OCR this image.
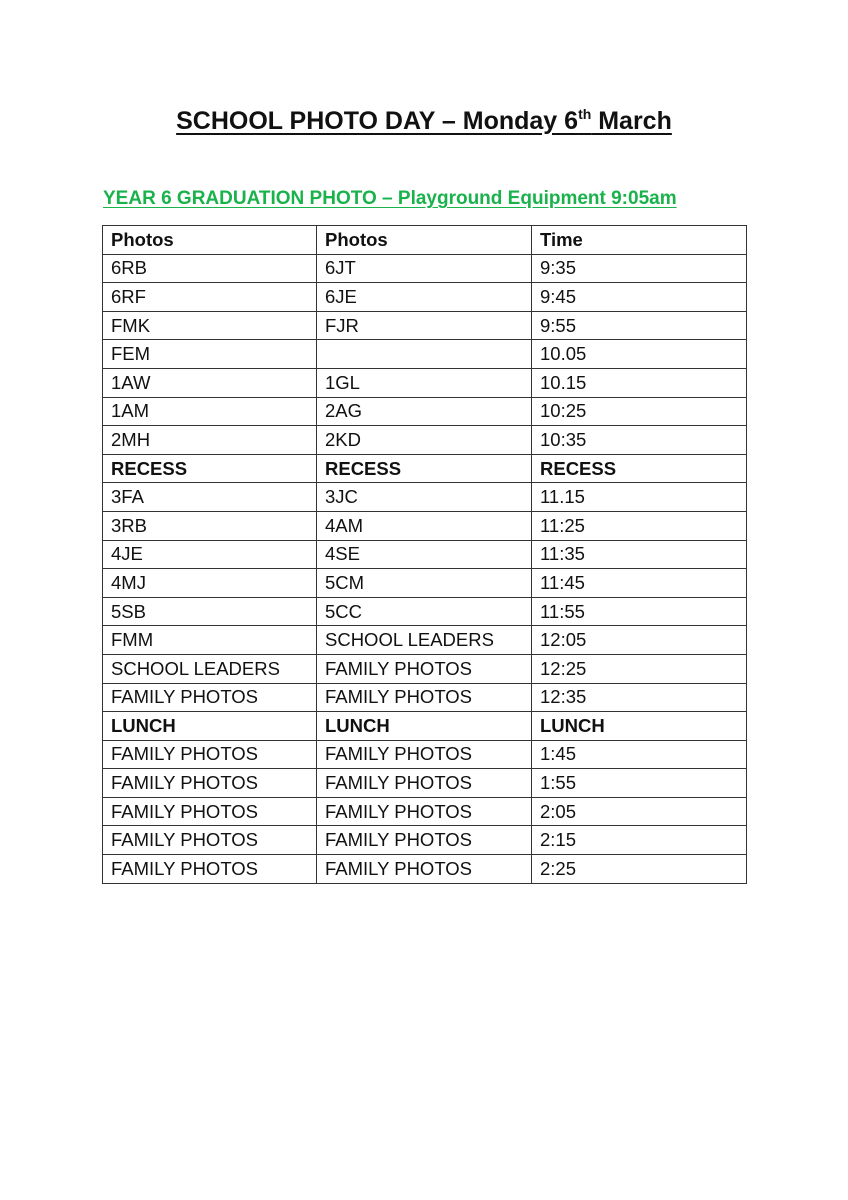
SCHOOL PHOTO DAY – Monday 6th March
YEAR 6 GRADUATION PHOTO – Playground Equipment 9:05am
Photos	Photos	Time
6RB	6JT	9:35
6RF	6JE	9:45
FMK	FJR	9:55
FEM		10.05
1AW	1GL	10.15
1AM	2AG	10:25
2MH	2KD	10:35
RECESS	RECESS	RECESS
3FA	3JC	11.15
3RB	4AM	11:25
4JE	4SE	11:35
4MJ	5CM	11:45
5SB	5CC	11:55
FMM	SCHOOL LEADERS	12:05
SCHOOL LEADERS	FAMILY PHOTOS	12:25
FAMILY PHOTOS	FAMILY PHOTOS	12:35
LUNCH	LUNCH	LUNCH
FAMILY PHOTOS	FAMILY PHOTOS	1:45
FAMILY PHOTOS	FAMILY PHOTOS	1:55
FAMILY PHOTOS	FAMILY PHOTOS	2:05
FAMILY PHOTOS	FAMILY PHOTOS	2:15
FAMILY PHOTOS	FAMILY PHOTOS	2:25
